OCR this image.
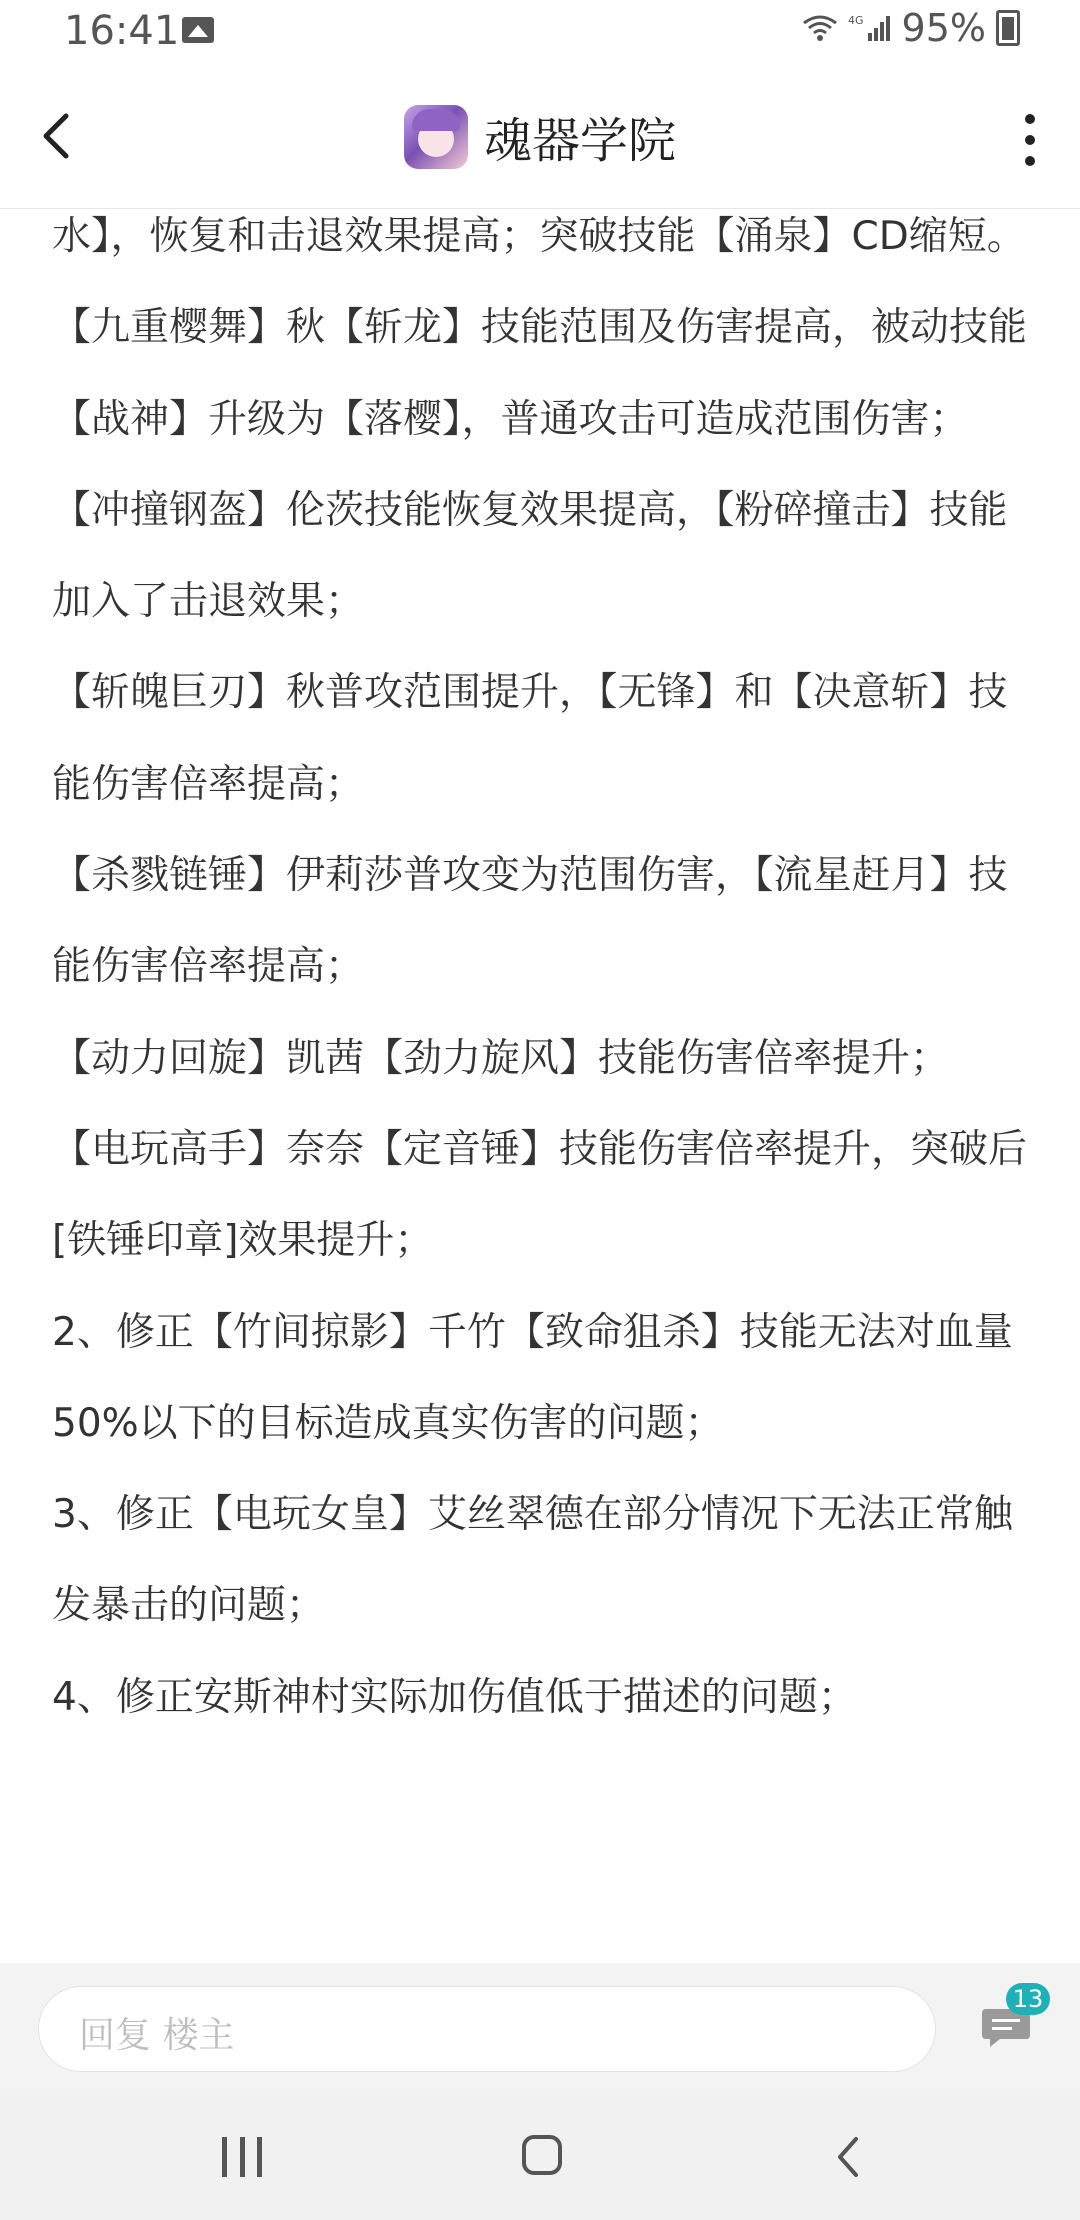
16:41	4G 95%
魂器学院

水】，恢复和击退效果提高；突破技能【涌泉】CD缩短。

【九重樱舞】秋【斩龙】技能范围及伤害提高，被动技能【战神】升级为【落樱】，普通攻击可造成范围伤害；

【冲撞钢盔】伦茨技能恢复效果提高，【粉碎撞击】技能加入了击退效果；

【斩魄巨刃】秋普攻范围提升，【无锋】和【决意斩】技能伤害倍率提高；

【杀戮链锤】伊莉莎普攻变为范围伤害，【流星赶月】技能伤害倍率提高；

【动力回旋】凯茜【劲力旋风】技能伤害倍率提升；

【电玩高手】奈奈【定音锤】技能伤害倍率提升，突破后[铁锤印章]效果提升；

2、修正【竹间掠影】千竹【致命狙杀】技能无法对血量50%以下的目标造成真实伤害的问题；

3、修正【电玩女皇】艾丝翠德在部分情况下无法正常触发暴击的问题；

4、修正安斯神村实际加伤值低于描述的问题；

回复 楼主
13
